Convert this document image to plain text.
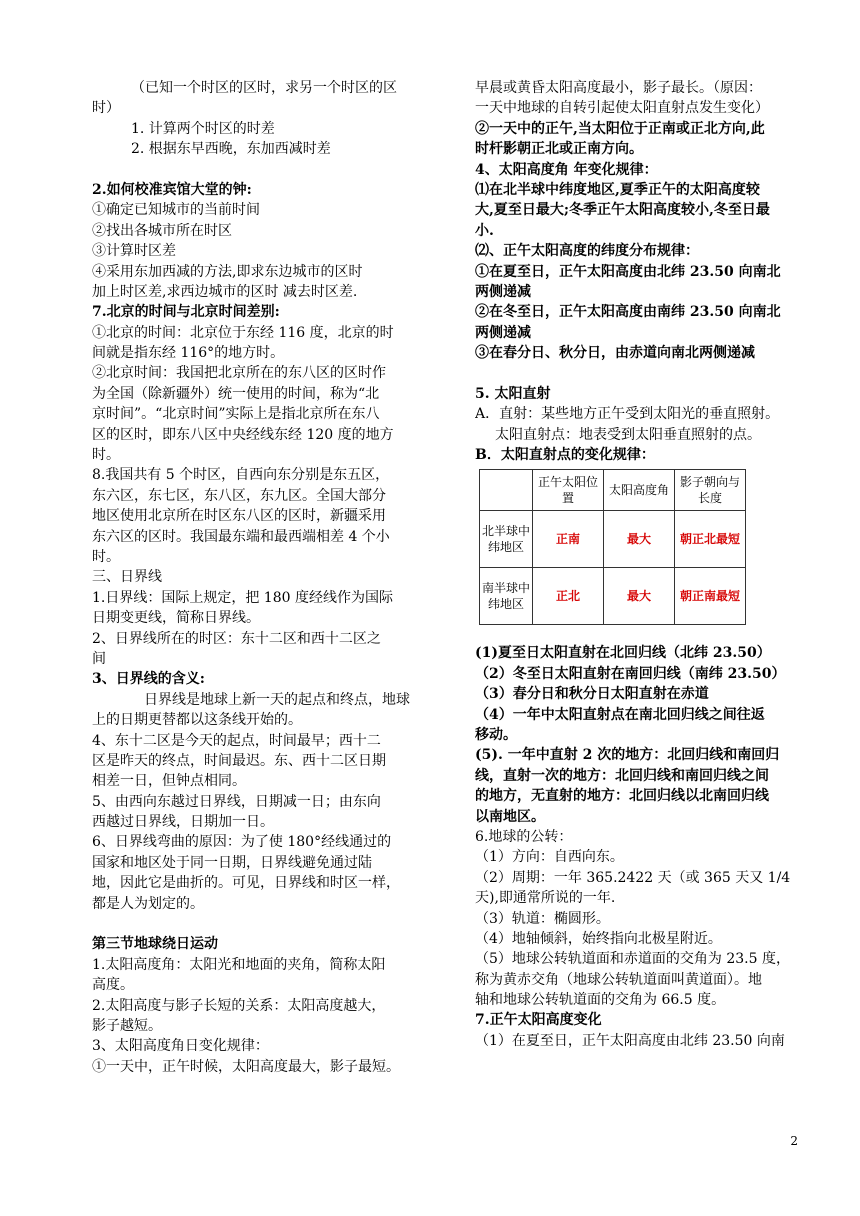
（已知一个时区的区时，求另一个时区的区
时）
1. 计算两个时区的时差
2. 根据东早西晚，东加西减时差
2.如何校准宾馆大堂的钟:
①确定已知城市的当前时间
②找出各城市所在时区
③计算时区差
④采用东加西减的方法,即求东边城市的区时
加上时区差,求西边城市的区时 减去时区差.
7.北京的时间与北京时间差别:
①北京的时间：北京位于东经 116 度，北京的时
间就是指东经 116°的地方时。
②北京时间：我国把北京所在的东八区的区时作
为全国（除新疆外）统一使用的时间，称为“北
京时间”。“北京时间”实际上是指北京所在东八
区的区时，即东八区中央经线东经 120 度的地方
时。
8.我国共有 5 个时区，自西向东分别是东五区，
东六区，东七区，东八区，东九区。全国大部分
地区使用北京所在时区东八区的区时，新疆采用
东六区的区时。我国最东端和最西端相差 4 个小
时。
三、日界线
1.日界线：国际上规定，把 180 度经线作为国际
日期变更线，简称日界线。
2、日界线所在的时区：东十二区和西十二区之
间
3、日界线的含义:
日界线是地球上新一天的起点和终点，地球
上的日期更替都以这条线开始的。
4、东十二区是今天的起点，时间最早；西十二
区是昨天的终点，时间最迟。东、西十二区日期
相差一日，但钟点相同。
5、由西向东越过日界线，日期减一日；由东向
西越过日界线，日期加一日。
6、日界线弯曲的原因：为了使 180°经线通过的
国家和地区处于同一日期，日界线避免通过陆
地，因此它是曲折的。可见，日界线和时区一样，
都是人为划定的。
第三节地球绕日运动
1.太阳高度角：太阳光和地面的夹角，简称太阳
高度。
2.太阳高度与影子长短的关系：太阳高度越大，
影子越短。
3、太阳高度角日变化规律：
①一天中，正午时候，太阳高度最大，影子最短。
早晨或黄昏太阳高度最小，影子最长。（原因：
一天中地球的自转引起使太阳直射点发生变化）
②一天中的正午,当太阳位于正南或正北方向,此
时杆影朝正北或正南方向。
4、太阳高度角 年变化规律：
⑴在北半球中纬度地区,夏季正午的太阳高度较
大,夏至日最大;冬季正午太阳高度较小,冬至日最
小.
⑵、正午太阳高度的纬度分布规律：
①在夏至日，正午太阳高度由北纬 23.50 向南北
两侧递减
②在冬至日，正午太阳高度由南纬 23.50 向南北
两侧递减
③在春分日、秋分日，由赤道向南北两侧递减
5. 太阳直射
A．直射：某些地方正午受到太阳光的垂直照射。
太阳直射点：地表受到太阳垂直照射的点。
B．太阳直射点的变化规律：
	正午太阳位置	太阳高度角	影子朝向与长度
北半球中纬地区	正南	最大	朝正北最短
南半球中纬地区	正北	最大	朝正南最短
(1)夏至日太阳直射在北回归线（北纬 23.50）
（2）冬至日太阳直射在南回归线（南纬 23.50）
（3）春分日和秋分日太阳直射在赤道
（4）一年中太阳直射点在南北回归线之间往返
移动。
(5). 一年中直射 2 次的地方：北回归线和南回归
线，直射一次的地方：北回归线和南回归线之间
的地方，无直射的地方：北回归线以北南回归线
以南地区。
6.地球的公转：
（1）方向：自西向东。
（2）周期：一年 365.2422 天（或 365 天又 1/4
天),即通常所说的一年.
（3）轨道：椭圆形。
（4）地轴倾斜，始终指向北极星附近。
（5）地球公转轨道面和赤道面的交角为 23.5 度，
称为黄赤交角（地球公转轨道面叫黄道面）。地
轴和地球公转轨道面的交角为 66.5 度。
7.正午太阳高度变化
（1）在夏至日，正午太阳高度由北纬 23.50 向南
2
